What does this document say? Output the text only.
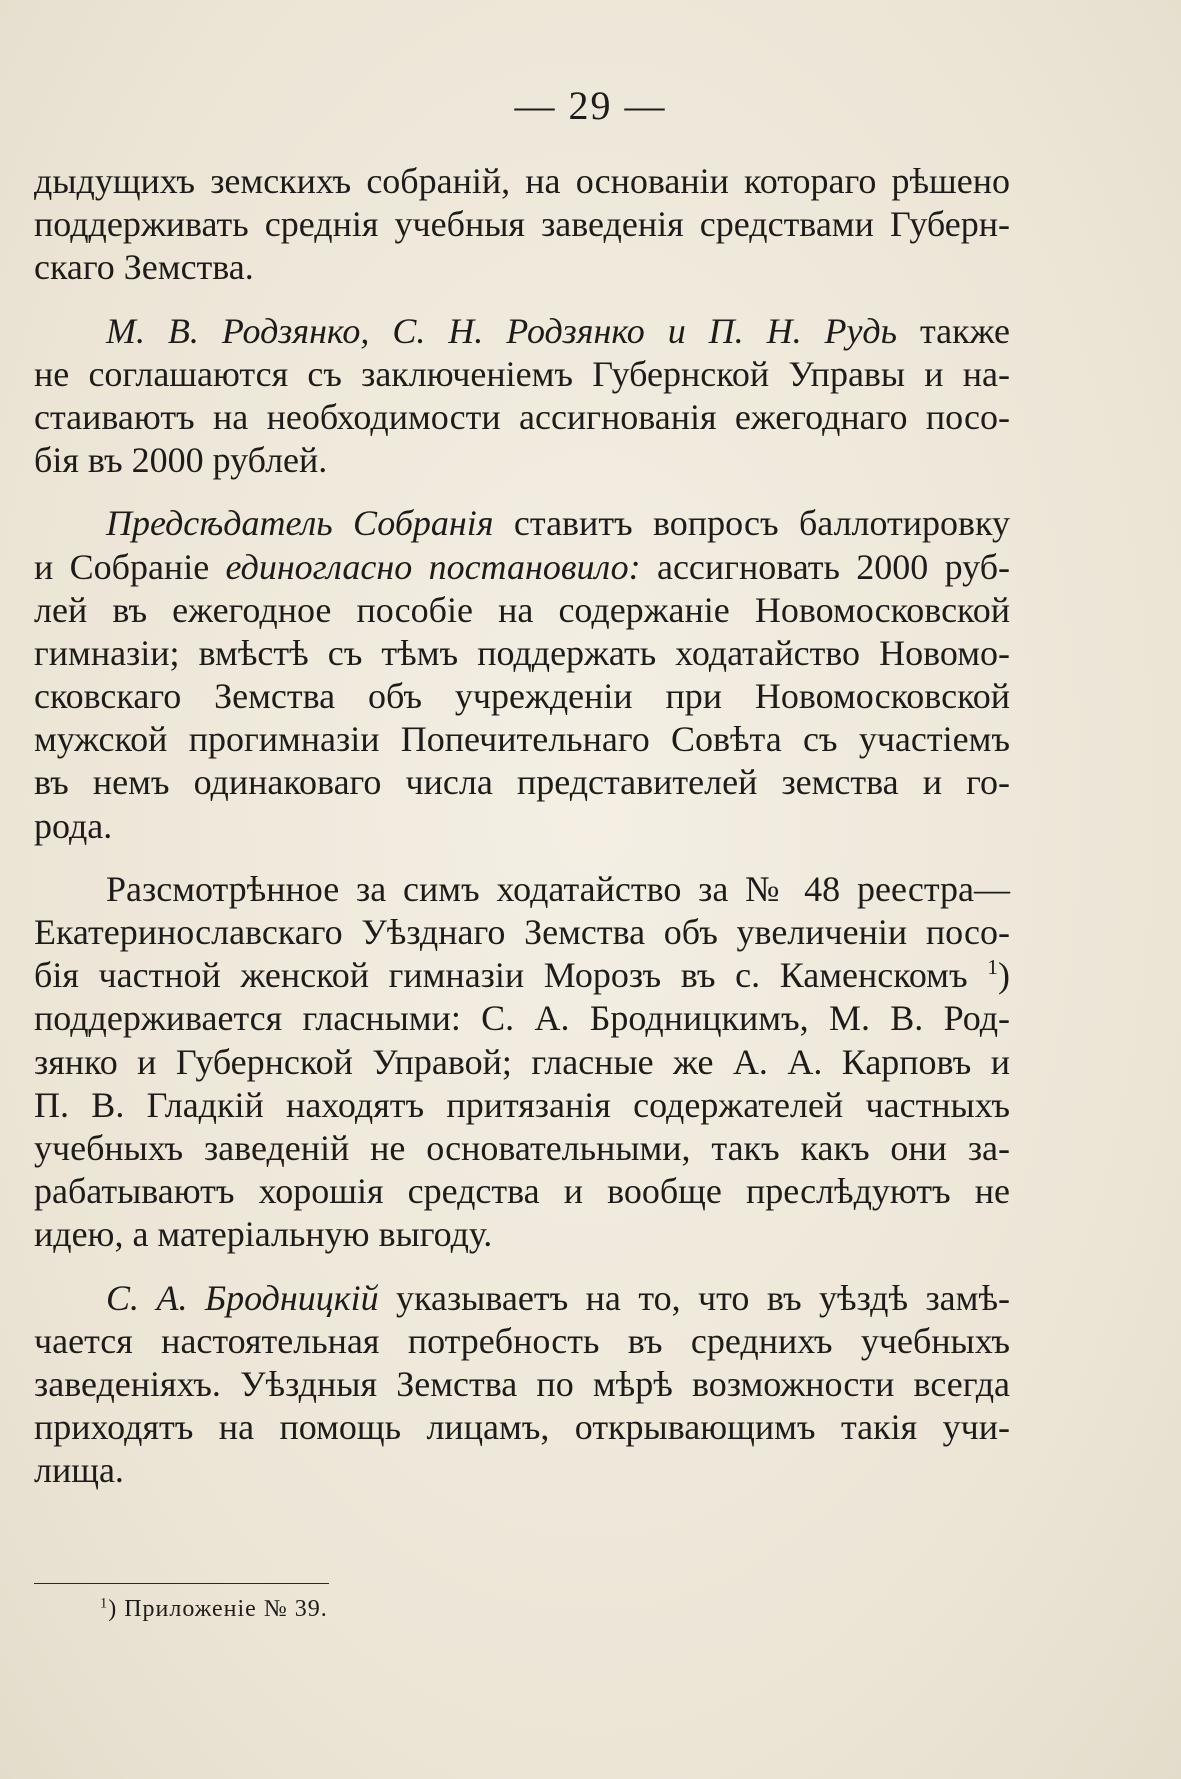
— 29 —
дыдущихъ земскихъ собраній, на основаніи котораго рѣшено
поддерживать среднія учебныя заведенія средствами Губерн-
скаго Земства.
М. В. Родзянко, С. Н. Родзянко и П. Н. Рудь также
не соглашаются съ заключеніемъ Губернской Управы и на-
стаиваютъ на необходимости ассигнованія ежегоднаго посо-
бія въ 2000 рублей.
Предсѣдатель Собранія ставитъ вопросъ баллотировку
и Собраніе единогласно постановило: ассигновать 2000 руб-
лей въ ежегодное пособіе на содержаніе Новомосковской
гимназіи; вмѣстѣ съ тѣмъ поддержать ходатайство Новомо-
сковскаго Земства объ учрежденіи при Новомосковской
мужской прогимназіи Попечительнаго Совѣта съ участіемъ
въ немъ одинаковаго числа представителей земства и го-
рода.
Разсмотрѣнное за симъ ходатайство за № 48 реестра—
Екатеринославскаго Уѣзднаго Земства объ увеличеніи посо-
бія частной женской гимназіи Морозъ въ с. Каменскомъ $^1$)
поддерживается гласными: С. А. Бродницкимъ, М. В. Род-
зянко и Губернской Управой; гласные же А. А. Карповъ и
П. В. Гладкій находятъ притязанія содержателей частныхъ
учебныхъ заведеній не основательными, такъ какъ они за-
рабатываютъ хорошія средства и вообще преслѣдуютъ не
идею, а матеріальную выгоду.
С. А. Бродницкій указываетъ на то, что въ уѣздѣ замѣ-
чается настоятельная потребность въ среднихъ учебныхъ
заведеніяхъ. Уѣздныя Земства по мѣрѣ возможности всегда
приходятъ на помощь лицамъ, открывающимъ такія учи-
лища.
$^1$) Приложеніе № 39.
